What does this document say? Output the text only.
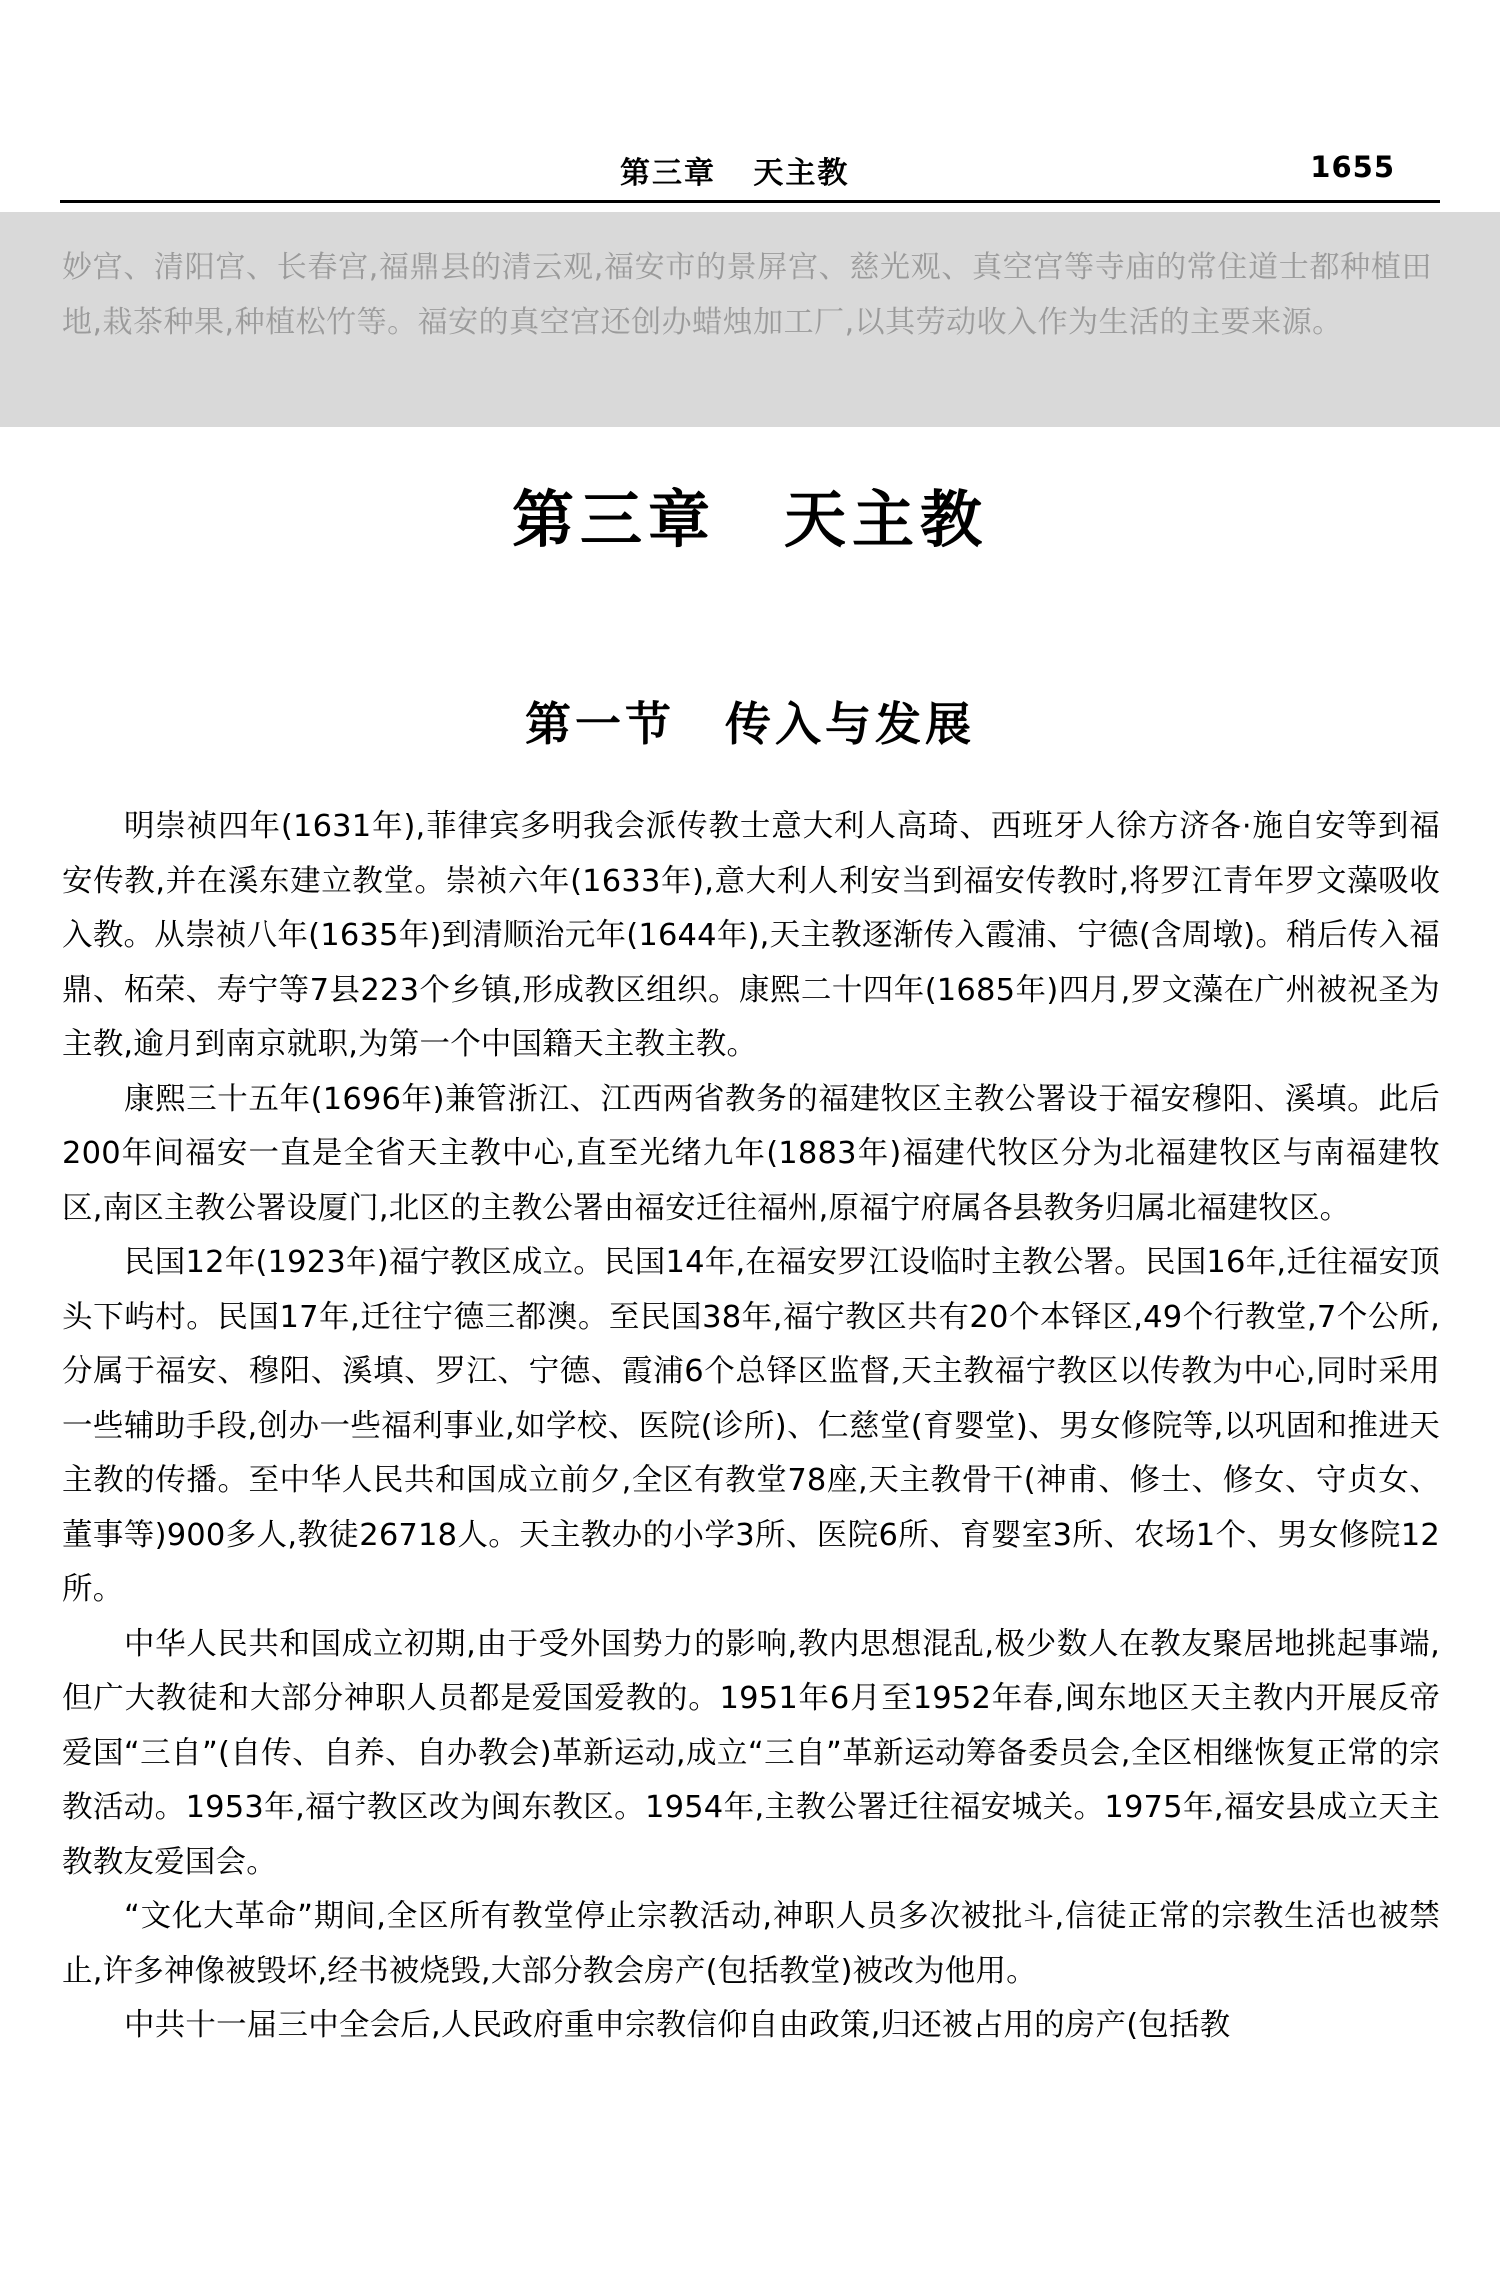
第三章   天主教	1655
妙宫、清阳宫、长春宫,福鼎县的清云观,福安市的景屏宫、慈光观、真空宫等寺庙的常住道士都种植田地,栽茶种果,种植松竹等。福安的真空宫还创办蜡烛加工厂,以其劳动收入作为生活的主要来源。
第三章　天主教
第一节　传入与发展

明崇祯四年(1631年),菲律宾多明我会派传教士意大利人高琦、西班牙人徐方济各·施自安等到福安传教,并在溪东建立教堂。崇祯六年(1633年),意大利人利安当到福安传教时,将罗江青年罗文藻吸收入教。从崇祯八年(1635年)到清顺治元年(1644年),天主教逐渐传入霞浦、宁德(含周墩)。稍后传入福鼎、柘荣、寿宁等7县223个乡镇,形成教区组织。康熙二十四年(1685年)四月,罗文藻在广州被祝圣为主教,逾月到南京就职,为第一个中国籍天主教主教。

康熙三十五年(1696年)兼管浙江、江西两省教务的福建牧区主教公署设于福安穆阳、溪填。此后200年间福安一直是全省天主教中心,直至光绪九年(1883年)福建代牧区分为北福建牧区与南福建牧区,南区主教公署设厦门,北区的主教公署由福安迁往福州,原福宁府属各县教务归属北福建牧区。

民国12年(1923年)福宁教区成立。民国14年,在福安罗江设临时主教公署。民国16年,迁往福安顶头下屿村。民国17年,迁往宁德三都澳。至民国38年,福宁教区共有20个本铎区,49个行教堂,7个公所,分属于福安、穆阳、溪填、罗江、宁德、霞浦6个总铎区监督,天主教福宁教区以传教为中心,同时采用一些辅助手段,创办一些福利事业,如学校、医院(诊所)、仁慈堂(育婴堂)、男女修院等,以巩固和推进天主教的传播。至中华人民共和国成立前夕,全区有教堂78座,天主教骨干(神甫、修士、修女、守贞女、董事等)900多人,教徒26718人。天主教办的小学3所、医院6所、育婴室3所、农场1个、男女修院12所。

中华人民共和国成立初期,由于受外国势力的影响,教内思想混乱,极少数人在教友聚居地挑起事端,但广大教徒和大部分神职人员都是爱国爱教的。1951年6月至1952年春,闽东地区天主教内开展反帝爱国“三自”(自传、自养、自办教会)革新运动,成立“三自”革新运动筹备委员会,全区相继恢复正常的宗教活动。1953年,福宁教区改为闽东教区。1954年,主教公署迁往福安城关。1975年,福安县成立天主教教友爱国会。

“文化大革命”期间,全区所有教堂停止宗教活动,神职人员多次被批斗,信徒正常的宗教生活也被禁止,许多神像被毁坏,经书被烧毁,大部分教会房产(包括教堂)被改为他用。

中共十一届三中全会后,人民政府重申宗教信仰自由政策,归还被占用的房产(包括教
